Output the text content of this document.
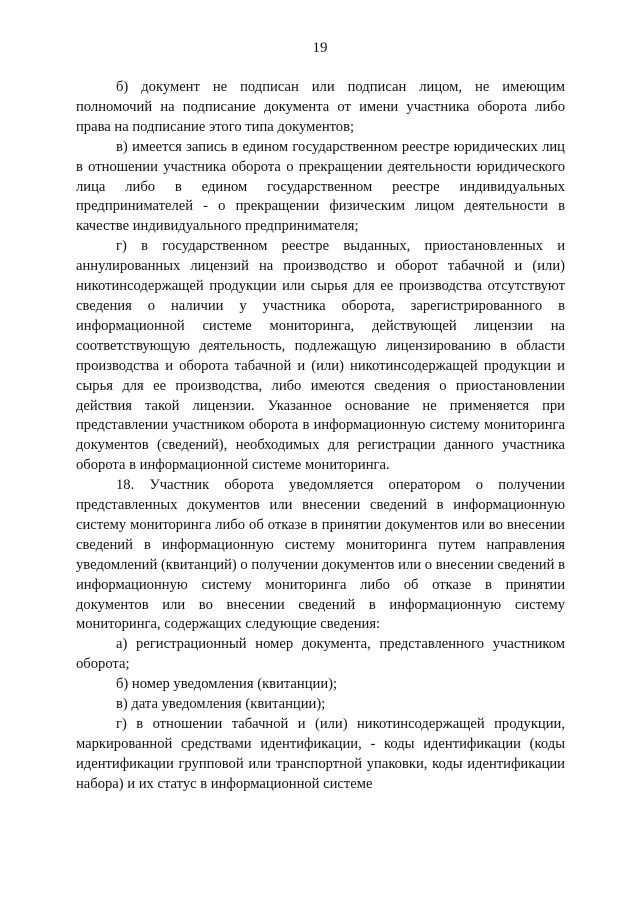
19

б) документ не подписан или подписан лицом, не имеющим полномочий на подписание документа от имени участника оборота либо права на подписание этого типа документов;

в) имеется запись в едином государственном реестре юридических лиц в отношении участника оборота о прекращении деятельности юридического лица либо в едином государственном реестре индивидуальных предпринимателей - о прекращении физическим лицом деятельности в качестве индивидуального предпринимателя;

г) в государственном реестре выданных, приостановленных и аннулированных лицензий на производство и оборот табачной и (или) никотинсодержащей продукции или сырья для ее производства отсутствуют сведения о наличии у участника оборота, зарегистрированного в информационной системе мониторинга, действующей лицензии на соответствующую деятельность, подлежащую лицензированию в области производства и оборота табачной и (или) никотинсодержащей продукции и сырья для ее производства, либо имеются сведения о приостановлении действия такой лицензии. Указанное основание не применяется при представлении участником оборота в информационную систему мониторинга документов (сведений), необходимых для регистрации данного участника оборота в информационной системе мониторинга.

18. Участник оборота уведомляется оператором о получении представленных документов или внесении сведений в информационную систему мониторинга либо об отказе в принятии документов или во внесении сведений в информационную систему мониторинга путем направления уведомлений (квитанций) о получении документов или о внесении сведений в информационную систему мониторинга либо об отказе в принятии документов или во внесении сведений в информационную систему мониторинга, содержащих следующие сведения:

а) регистрационный номер документа, представленного участником оборота;

б) номер уведомления (квитанции);

в) дата уведомления (квитанции);

г) в отношении табачной и (или) никотинсодержащей продукции, маркированной средствами идентификации, - коды идентификации (коды идентификации групповой или транспортной упаковки, коды идентификации набора) и их статус в информационной системе
